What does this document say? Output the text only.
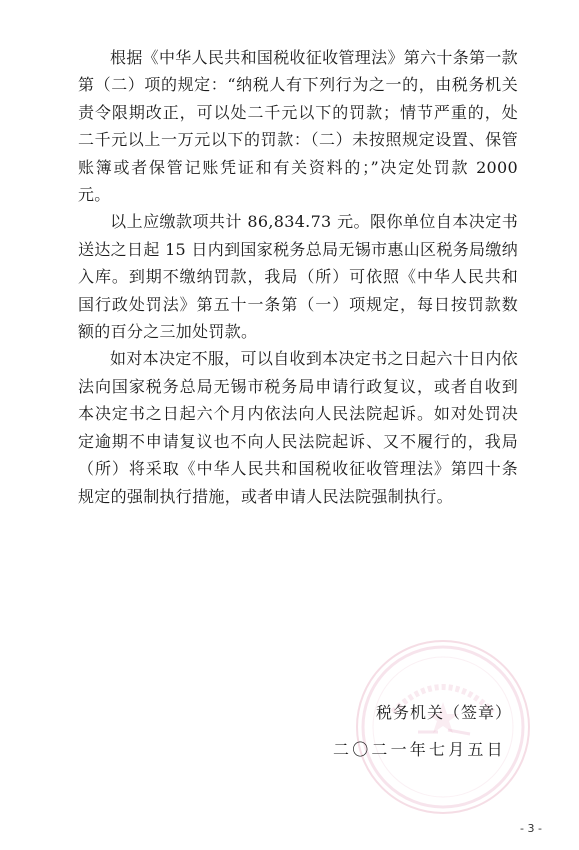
根据《中华人民共和国税收征收管理法》第六十条第一款第（二）项的规定：“纳税人有下列行为之一的，由税务机关责令限期改正，可以处二千元以下的罚款；情节严重的，处二千元以上一万元以下的罚款：（二）未按照规定设置、保管账簿或者保管记账凭证和有关资料的；”决定处罚款 2000 元。

以上应缴款项共计 86,834.73 元。限你单位自本决定书送达之日起 15 日内到国家税务总局无锡市惠山区税务局缴纳入库。到期不缴纳罚款，我局（所）可依照《中华人民共和国行政处罚法》第五十一条第（一）项规定，每日按罚款数额的百分之三加处罚款。

如对本决定不服，可以自收到本决定书之日起六十日内依法向国家税务总局无锡市税务局申请行政复议，或者自收到本决定书之日起六个月内依法向人民法院起诉。如对处罚决定逾期不申请复议也不向人民法院起诉、又不履行的，我局（所）将采取《中华人民共和国税收征收管理法》第四十条规定的强制执行措施，或者申请人民法院强制执行。

税务机关（签章）
二〇二一年七月五日
- 3 -
